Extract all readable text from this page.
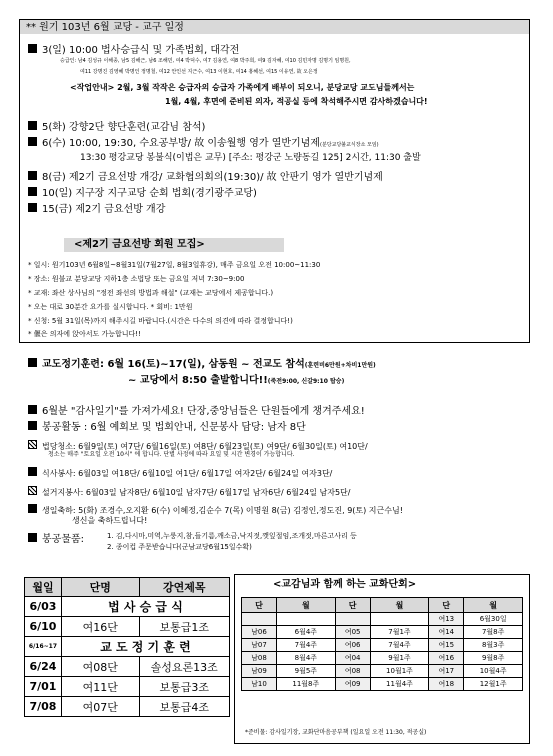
** 원기 103년 6월 교당 - 교구 일정
3(일) 10:00 법사승급식 및 가족법회, 대각전
승급인: 남4 김성규 이해종, 남5 김해근, 남6 조해민, 여4 박덕수, 여7 김용연, 여8 박주희, 여9 김자혜, 여10 김민자명 김명기 임명원,
여11 강명진 김영혜 박명인 정명철, 여12 안인선 지근수, 여13 이현호, 여14 홍혜선, 여15 이유연, 故 오은정
<작업안내> 2월, 3월 작작은 승급자의 승급자 가족에게 배부이 되오니, 분당교당 교도님들께서는
1월, 4월, 후면에 준비된 의자, 적공실 등에 착석해주시면 감사하겠습니다!
5(화) 강향2단 향단훈련(교감님 참석)
6(수) 10:00, 19:30, 수요공부방/ 故 이송월행 영가 열반기념제(분당교당불교식장소 모임)
13:30 평강교당 봉불식(이법은 교무) [주소: 평강군 노량동길 125] 2시간, 11:30 출발
8(금) 제2기 금요선방 개강/ 교화협의회의(19:30)/ 故 안판기 영가 열반기념제
10(일) 지구장 지구교당 순회 법회(경기광주교당)
15(금) 제2기 금요선방 개강
<제2기 금요선방 회원 모집>
* 일시: 원기103년 6월8일~8월31일(7월27일, 8월3일휴강), 매주 금요일 오전 10:00~11:30
* 장소: 원불교 분당교당 지하1층 소법당 또는 금요일 저녁 7:30~9:00
* 교재: 좌산 상사님의 "정전 좌선의 방법과 해설" (교재는 교당에서 제공합니다.)
* 오는 대로 30분간 요가를 실시합니다. * 회비: 1만원
* 신청: 5월 31일(목)까지 해주시길 바랍니다.(시간은 다수의 의견에 따라 결정합니다!)
* 偃은 의자에 앉아서도 가능합니다!!
교도정기훈련: 6월 16(토)~17(일), 삼동원 ~ 전교도 참석(훈련비6만원+차비1만원)
~ 교당에서 8:50 출발합니다!!(죽전9:00, 신갈9:10 탑승)
6월분 "감사일기"를 가져가세요! 단장,중앙님들은 단원들에게 챙겨주세요!
봉공활동 : 6월 예회보 및 법회안내, 신문봉사 담당: 남자 8단
법당청소: 6월9일(토) 여7단/ 6월16일(토) 여8단/ 6월23일(토) 여9단/ 6월30일(토) 여10단/
청소는 매주 "토요일 오전 10시" 에 합니다. 단별 사정에 따라 요일 및 시간 변경이 가능합니다.
식사봉사: 6월03일 여18단/ 6월10일 여1단/ 6월17일 여자2단/ 6월24일 여자3단/
설거지봉사: 6월03일 남자8단/ 6월10일 남자7단/ 6월17일 남자6단/ 6월24일 남자5단/
생일축하: 5(화) 조경수,오지환 6(수) 이혜정,김순수 7(목) 이명원 8(금) 김정인,정도진, 9(토) 지근수님!
생신을 축하드립니다!
봉공물품:	1. 김,다시마,미역,누룽지,참,들기름,깨소금,낙지젓,깻잎절임,조개젓,마른고사리 등
2. 종이컵 주문받습니다(군남교당6월15일수확)
월일	단명	강연제목
6/03	법 사 승 급 식	
6/10	여16단	보통급1조
6/16~17	교 도 정 기 훈 련	
6/24	여08단	솔성요론13조
7/01	여11단	보통급3조
7/08	여07단	보통급4조
<교감님과 함께 하는 교화단회>
단	월	단	월	단	월
				여13	6월30일
남06	6월4주	여05	7월1주	여14	7월8주
남07	7월4주	여06	7월4주	여15	8월3주
남08	8월4주	여04	9월1주	여16	9월8주
남09	9월5주	여08	10월1주	여17	10월4주
남10	11월8주	여09	11월4주	여18	12월1주
*준비물: 감사일기장, 교화단마음공부책 (일요일 오전 11:30, 적공실)
